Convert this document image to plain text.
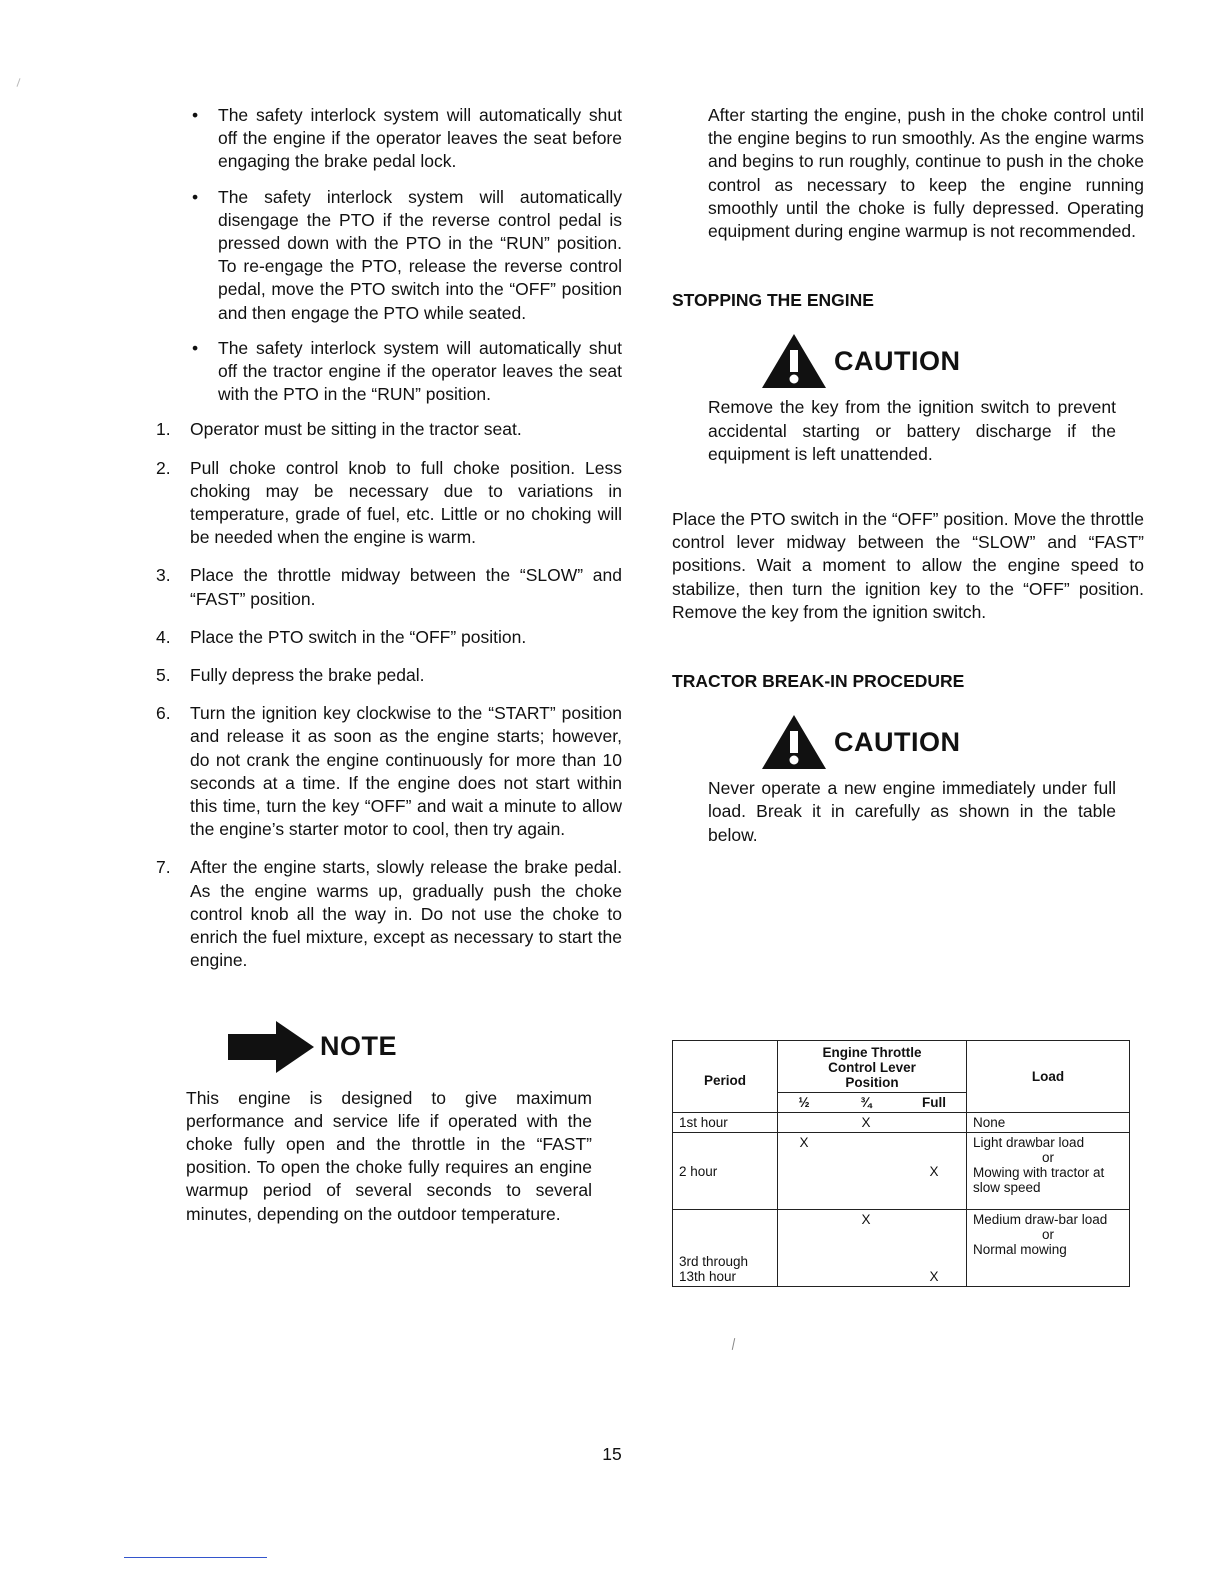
• The safety interlock system will automatically shut off the engine if the operator leaves the seat before engaging the brake pedal lock.
• The safety interlock system will automatically disengage the PTO if the reverse control pedal is pressed down with the PTO in the “RUN” position. To re-engage the PTO, release the reverse control pedal, move the PTO switch into the “OFF” position and then engage the PTO while seated.
• The safety interlock system will automatically shut off the tractor engine if the operator leaves the seat with the PTO in the “RUN” position.
1. Operator must be sitting in the tractor seat.
2. Pull choke control knob to full choke position. Less choking may be necessary due to variations in temperature, grade of fuel, etc. Little or no choking will be needed when the engine is warm.
3. Place the throttle midway between the “SLOW” and “FAST” position.
4. Place the PTO switch in the “OFF” position.
5. Fully depress the brake pedal.
6. Turn the ignition key clockwise to the “START” position and release it as soon as the engine starts; however, do not crank the engine continuously for more than 10 seconds at a time. If the engine does not start within this time, turn the key “OFF” and wait a minute to allow the engine’s starter motor to cool, then try again.
7. After the engine starts, slowly release the brake pedal. As the engine warms up, gradually push the choke control knob all the way in. Do not use the choke to enrich the fuel mixture, except as necessary to start the engine.
NOTE

This engine is designed to give maximum performance and service life if operated with the choke fully open and the throttle in the “FAST” position. To open the choke fully requires an engine warmup period of several seconds to several minutes, depending on the outdoor temperature.

After starting the engine, push in the choke control until the engine begins to run smoothly. As the engine warms and begins to run roughly, continue to push in the choke control as necessary to keep the engine running smoothly until the choke is fully depressed. Operating equipment during engine warmup is not recommended.

STOPPING THE ENGINE

CAUTION

Remove the key from the ignition switch to prevent accidental starting or battery discharge if the equipment is left unattended.

Place the PTO switch in the “OFF” position. Move the throttle control lever midway between the “SLOW” and “FAST” positions. Wait a moment to allow the engine speed to stabilize, then turn the ignition key to the “OFF” position. Remove the key from the ignition switch.

TRACTOR BREAK-IN PROCEDURE

CAUTION

Never operate a new engine immediately under full load. Break it in carefully as shown in the table below.

Period	Engine Throttle Control Lever Position			Load
	½	¾	Full	
1st hour		X		None
2 hour	X		X	Light drawbar load
or
Mowing with tractor at slow speed

3rd through 13th hour		X	X	Medium draw-bar load
or
Normal mowing
15
